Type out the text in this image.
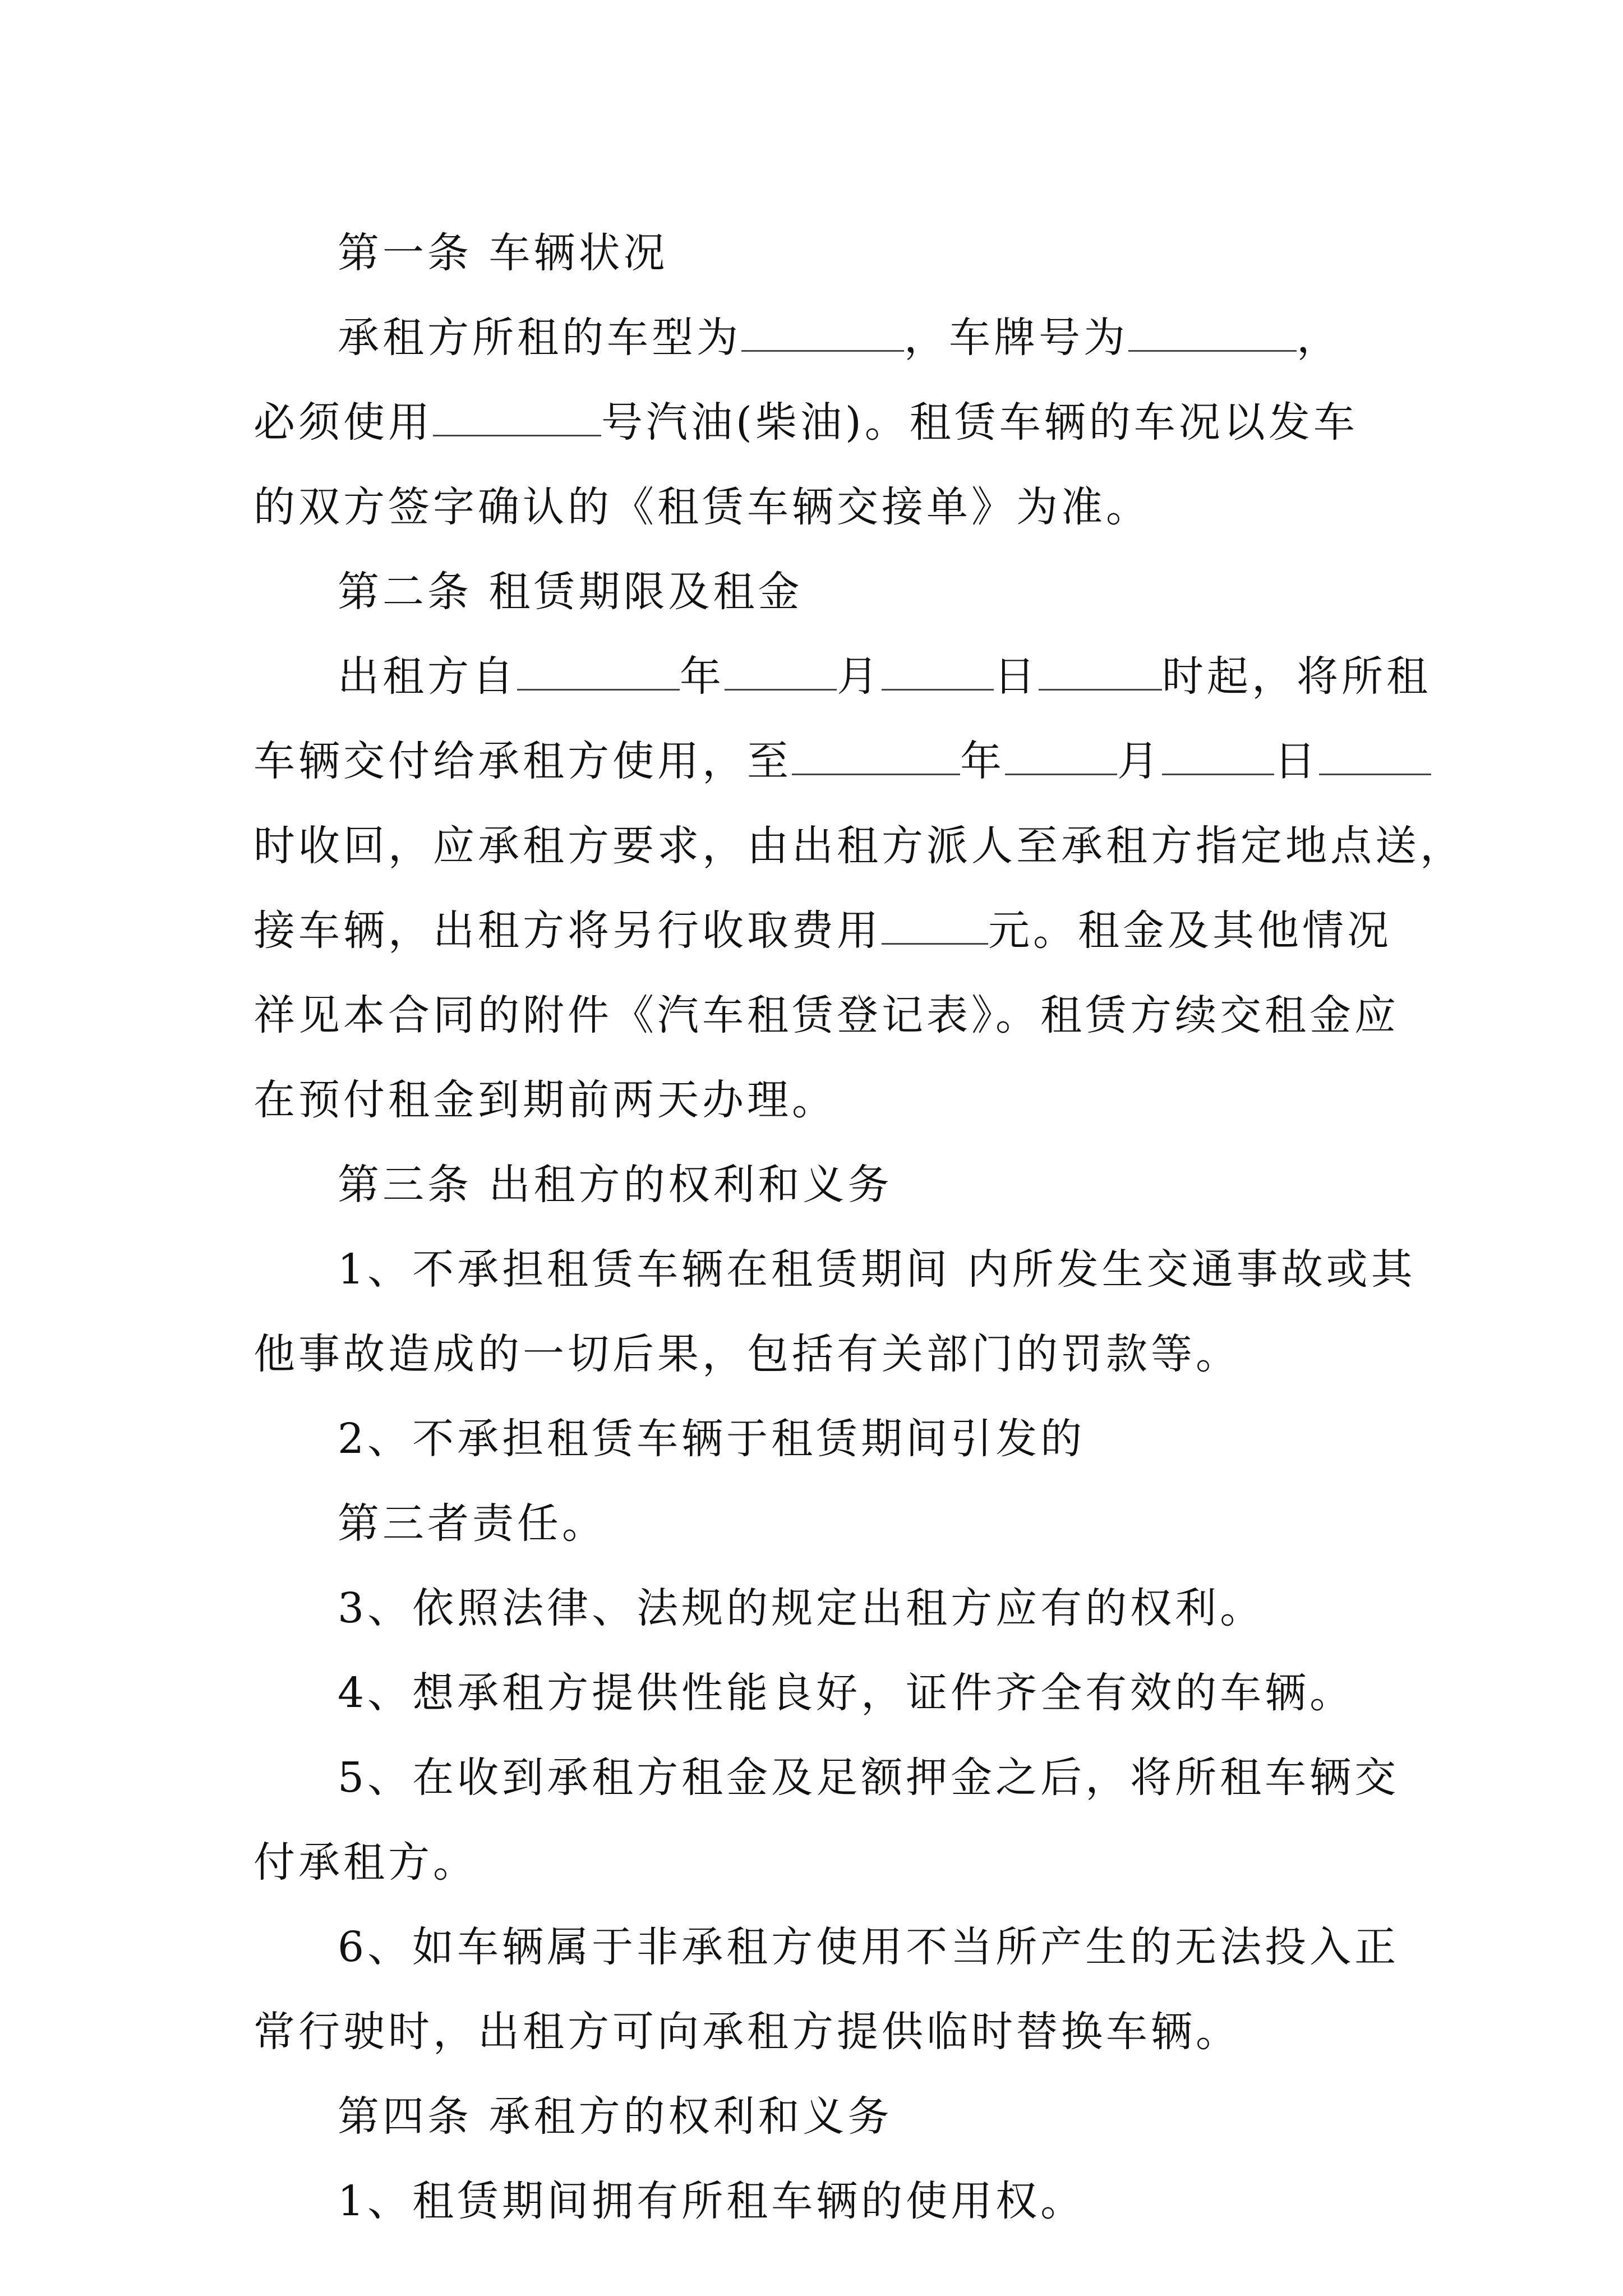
第一条 车辆状况
承租方所租的车型为	，车牌号为	，
必须使用	号汽油(柴油)。租赁车辆的车况以发车
的双方签字确认的《租赁车辆交接单》为准。
第二条 租赁期限及租金
出租方自	年	月	日	时起，将所租
车辆交付给承租方使用，至	年	月	日
时收回，应承租方要求，由出租方派人至承租方指定地点送，
接车辆，出租方将另行收取费用	元。租金及其他情况
祥见本合同的附件《汽车租赁登记表》。租赁方续交租金应
在预付租金到期前两天办理。
第三条 出租方的权利和义务
1、不承担租赁车辆在租赁期间 内所发生交通事故或其
他事故造成的一切后果，包括有关部门的罚款等。
2、不承担租赁车辆于租赁期间引发的
第三者责任。
3、依照法律、法规的规定出租方应有的权利。
4、想承租方提供性能良好，证件齐全有效的车辆。
5、在收到承租方租金及足额押金之后，将所租车辆交
付承租方。
6、如车辆属于非承租方使用不当所产生的无法投入正
常行驶时，出租方可向承租方提供临时替换车辆。
第四条 承租方的权利和义务
1、租赁期间拥有所租车辆的使用权。
